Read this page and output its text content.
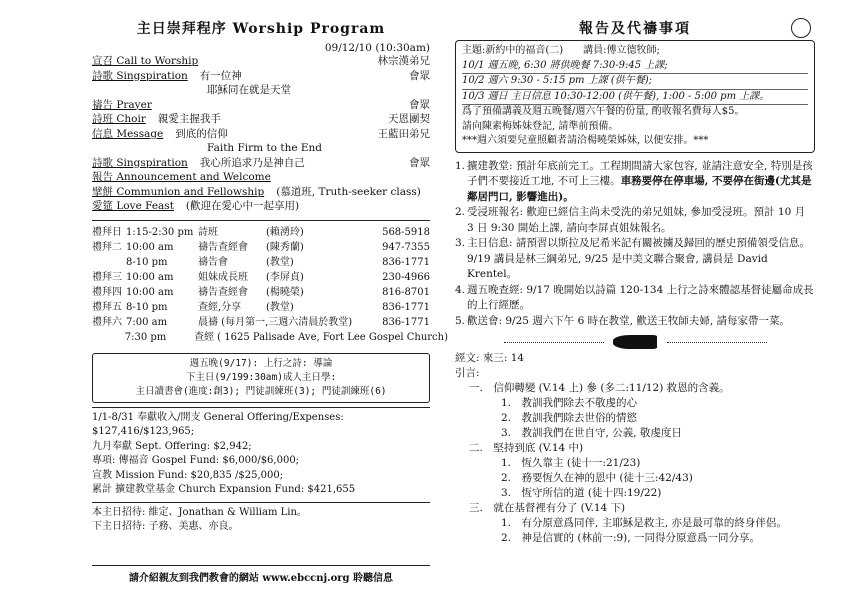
主日崇拜程序 Worship Program
09/12/10 (10:30am)
宣召 Call to Worship	林宗漢弟兄
詩歌 Singspiration	有一位神	會眾
耶穌同在就是天堂
禱告 Prayer	會眾
詩班 Choir	親愛主握我手	天恩團契
信息 Message	到底的信仰	王藍田弟兄
Faith Firm to the End
詩歌 Singspiration	我心所追求乃是神自己	會眾
報告 Announcement and Welcome
擘餅 Communion and Fellowship	(慕道班, Truth-seeker class)
愛筵 Love Feast	(歡迎在愛心中一起享用)
禮拜日 1:15-2:30 pm 詩班	(賴湧玲)	568-5918
禮拜二 10:00 am	禱告查經會	(陳秀蘭)	947-7355
8-10 pm	禱告會	(教堂)	836-1771
禮拜三 10:00 am	姐妹成長班	(李屏貞)	230-4966
禮拜四 10:00 am	禱告查經會	(楊曉榮)	816-8701
禮拜五 8-10 pm	查經,分享	(教堂)	836-1771
禮拜六 7:00 am	晨禱 (每月第一,三週六清晨於教堂)	836-1771
7:30 pm	查經 ( 1625 Palisade Ave, Fort Lee Gospel Church)
週五晚(9/17): 上行之詩: 導論
下主日(9/199:30am)成人主日學:
主日讀書會(進度:創3); 門徒訓練班(3); 門徒訓練班(6)
1/1-8/31 奉獻收入/開支 General Offering/Expenses: $127,416/$123,965;
九月奉獻 Sept. Offering: $2,942;
專項: 傳福音 Gospel Fund: $6,000/$6,000;
宣教 Mission Fund: $20,835 /$25,000;
累計 擴建教堂基金 Church Expansion Fund: $421,655
本主日招待: 維定、Jonathan & William Lin。
下主日招待: 子務、美惠、亦良。
請介紹親友到我們教會的網站 www.ebccnj.org 聆聽信息
報告及代禱事項
主題:新約中的福音(二)　　講員:傅立德牧師;
10/1 週五晚, 6:30 將供晚餐 7:30-9:45 上課;
10/2 週六 9:30 - 5:15 pm 上課 (供午餐);
10/3 週日 主日信息 10:30-12:00 (供午餐), 1:00 - 5:00 pm 上課。
爲了預備講義及週五晚餐/週六午餐的份量, 酌收報名費每人$5。
請向陳素梅姊妹登記, 請準前預備。
***週六須要兒童照顧者請洽楊曉榮姊妹, 以便安排。***
1. 擴建教堂: 預計年底前完工。工程期間請大家包容, 並請注意安全, 特別是孩子們不要接近工地, 不可上三樓。車務要停在停車場, 不要停在街邊(尤其是鄰居門口, 影響進出)。
2. 受浸班報名: 歡迎已經信主尚未受洗的弟兄姐妹, 參加受浸班。預計 10 月 3 日 9:30 開始上課, 請向李屏貞姐妹報名。
3. 主日信息: 請預習以斯拉及尼希米記有關被擄及歸回的歷史預備領受信息。9/19 講員是林三綱弟兄, 9/25 是中美文聯合聚會, 講員是 David Krentel。
4. 週五晚查經: 9/17 晚開始以詩篇 120-134 上行之詩來體認基督徒屬命成長的上行經歷。
5. 歡送會: 9/25 週六下午 6 時在教堂, 歡送王牧師夫婦, 請每家帶一菜。

經文: 來三: 14
引言:
一.　信仰轉變 (V.14 上) 參 (多二:11/12) 救恩的含義。
1.　教訓我們除去不敬虔的心
2.　教訓我們除去世俗的情慾
3.　教訓我們在世自守, 公義, 敬虔度日
二.　堅持到底 (V.14 中)
1.　恆久靠主 (徒十一:21/23)
2.　務要恆久在神的恩中 (徒十三:42/43)
3.　恆守所信的道 (徒十四:19/22)
三.　就在基督裡有分了 (V.14 下)
1.　有分原意爲同伴, 主耶穌是救主, 亦是最可靠的終身伴侶。
2.　神是信實的 (林前一:9), 一同得分原意爲一同分享。
